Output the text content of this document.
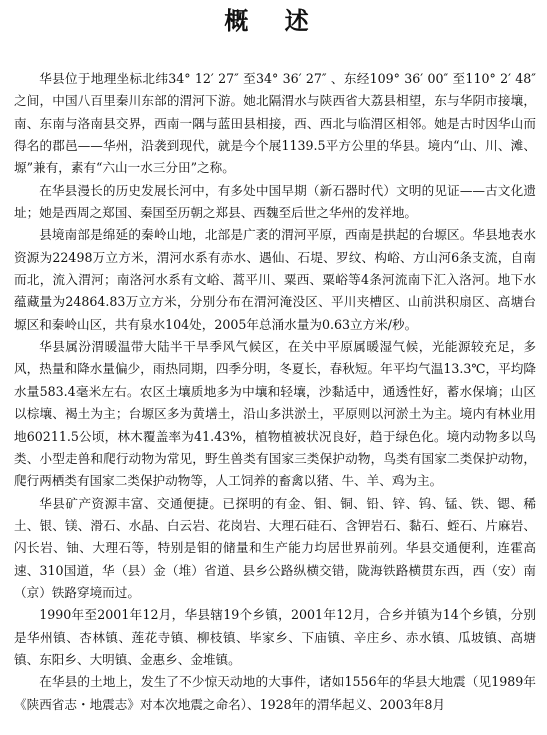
概 述

华县位于地理坐标北纬34° 12′ 27″ 至34° 36′ 27″ 、东经109° 36′ 00″ 至110° 2′ 48″ 之间，中国八百里秦川东部的渭河下游。她北隔渭水与陕西省大荔县相望，东与华阴市接壤，南、东南与洛南县交界，西南一隅与蓝田县相接，西、西北与临渭区相邻。她是古时因华山而得名的郡邑——华州，沿袭到现代，就是今个展1139.5平方公里的华县。境内“山、川、滩、塬”兼有，素有“六山一水三分田”之称。

在华县漫长的历史发展长河中，有多处中国早期（新石器时代）文明的见证——古文化遗址；她是西周之郑国、秦国至历朝之郑县、西魏至后世之华州的发祥地。

县境南部是绵延的秦岭山地，北部是广袤的渭河平原，西南是拱起的台塬区。华县地表水资源为22498万立方米，渭河水系有赤水、遇仙、石堤、罗纹、构峪、方山河6条支流，自南而北，流入渭河；南洛河水系有文峪、蒿平川、粟西、粟峪等4条河流南下汇入洛河。地下水蕴藏量为24864.83万立方米，分别分布在渭河淹没区、平川夹槽区、山前洪积扇区、高塘台塬区和秦岭山区，共有泉水104处，2005年总涌水量为0.63立方米/秒。

华县属汾渭暖温带大陆半干旱季风气候区，在关中平原属暖湿气候，光能源较充足，多风，热量和降水量偏少，雨热同期，四季分明，冬夏长，春秋短。年平均气温13.3℃，平均降水量583.4毫米左右。农区土壤质地多为中壤和轻壤，沙黏适中，通透性好，蓄水保墒；山区以棕壤、褐土为主；台塬区多为黄墡土，沿山多洪淤土，平原则以河淤土为主。境内有林业用地60211.5公顷，林木覆盖率为41.43%，植物植被状况良好，趋于绿色化。境内动物多以鸟类、小型走兽和爬行动物为常见，野生兽类有国家三类保护动物，鸟类有国家二类保护动物，爬行两栖类有国家二类保护动物等，人工饲养的畜禽以猪、牛、羊、鸡为主。

华县矿产资源丰富、交通便捷。已探明的有金、钼、铜、铅、锌、钨、锰、铁、锶、稀土、银、镁、滑石、水晶、白云岩、花岗岩、大理石硅石、含钾岩石、黏石、蛭石、片麻岩、闪长岩、铀、大理石等，特别是钼的储量和生产能力均居世界前列。华县交通便利，连霍高速、310国道，华（县）金（堆）省道、县乡公路纵横交错，陇海铁路横贯东西，西（安）南（京）铁路穿境而过。

1990年至2001年12月，华县辖19个乡镇，2001年12月，合乡并镇为14个乡镇，分别是华州镇、杏林镇、莲花寺镇、柳枝镇、毕家乡、下庙镇、辛庄乡、赤水镇、瓜坡镇、高塘镇、东阳乡、大明镇、金惠乡、金堆镇。

在华县的土地上，发生了不少惊天动地的大事件，诸如1556年的华县大地震（见1989年《陕西省志・地震志》对本次地震之命名）、1928年的渭华起义、2003年8月
